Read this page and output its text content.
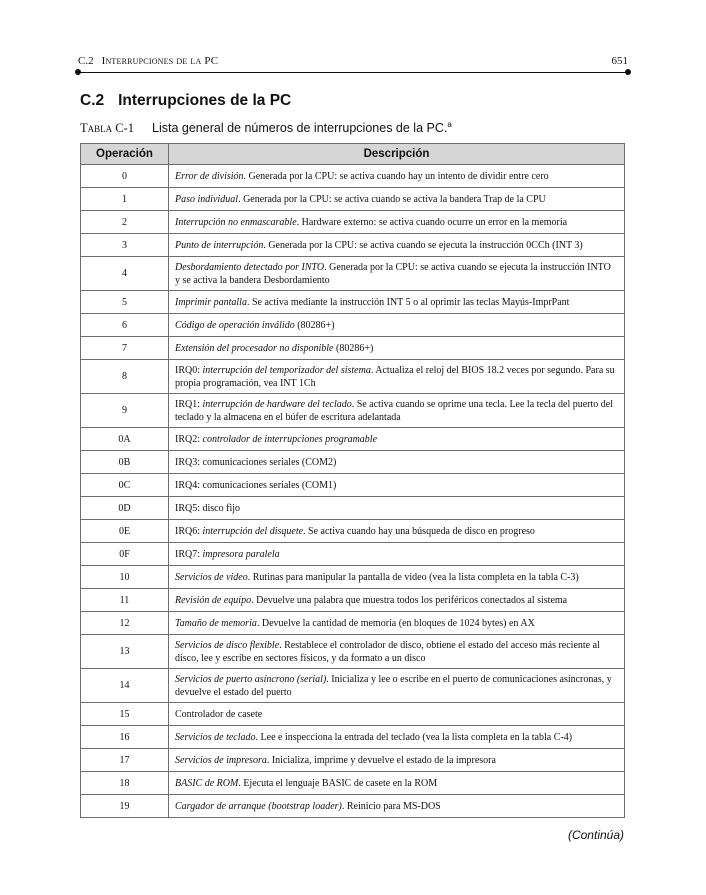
C.2 Interrupciones de la PC	651
C.2 Interrupciones de la PC
Tabla C-1 Lista general de números de interrupciones de la PC.$^a$
Operación	Descripción
0	Error de división. Generada por la CPU: se activa cuando hay un intento de dividir entre cero
1	Paso individual. Generada por la CPU: se activa cuando se activa la bandera Trap de la CPU
2	Interrupción no enmascarable. Hardware externo: se activa cuando ocurre un error en la memoria
3	Punto de interrupción. Generada por la CPU: se activa cuando se ejecuta la instrucción 0CCh (INT 3)
4	Desbordamiento detectado por INTO. Generada por la CPU: se activa cuando se ejecuta la instrucción INTO y se activa la bandera Desbordamiento
5	Imprimir pantalla. Se activa mediante la instrucción INT 5 o al oprimir las teclas Mayús-ImprPant
6	Código de operación inválido (80286+)
7	Extensión del procesador no disponible (80286+)
8	IRQ0: interrupción del temporizador del sistema. Actualiza el reloj del BIOS 18.2 veces por segundo. Para su propia programación, vea INT 1Ch
9	IRQ1: interrupción de hardware del teclado. Se activa cuando se oprime una tecla. Lee la tecla del puerto del teclado y la almacena en el búfer de escritura adelantada
0A	IRQ2: controlador de interrupciones programable
0B	IRQ3: comunicaciones seriales (COM2)
0C	IRQ4: comunicaciones seriales (COM1)
0D	IRQ5: disco fijo
0E	IRQ6: interrupción del disquete. Se activa cuando hay una búsqueda de disco en progreso
0F	IRQ7: impresora paralela
10	Servicios de video. Rutinas para manipular la pantalla de video (vea la lista completa en la tabla C-3)
11	Revisión de equipo. Devuelve una palabra que muestra todos los periféricos conectados al sistema
12	Tamaño de memoria. Devuelve la cantidad de memoria (en bloques de 1024 bytes) en AX
13	Servicios de disco flexible. Restablece el controlador de disco, obtiene el estado del acceso más reciente al disco, lee y escribe en sectores físicos, y da formato a un disco
14	Servicios de puerto asíncrono (serial). Inicializa y lee o escribe en el puerto de comunicaciones asíncronas, y devuelve el estado del puerto
15	Controlador de casete
16	Servicios de teclado. Lee e inspecciona la entrada del teclado (vea la lista completa en la tabla C-4)
17	Servicios de impresora. Inicializa, imprime y devuelve el estado de la impresora
18	BASIC de ROM. Ejecuta el lenguaje BASIC de casete en la ROM
19	Cargador de arranque (bootstrap loader). Reinicio para MS-DOS
(Continúa)
